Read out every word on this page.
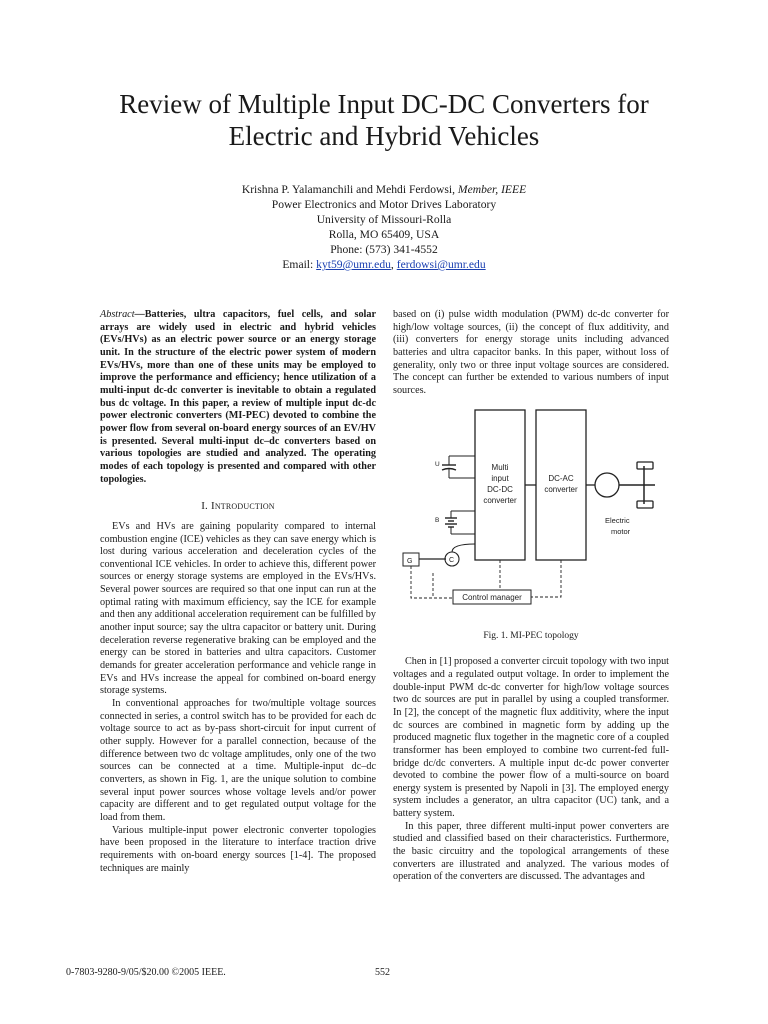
Review of Multiple Input DC-DC Converters for
Electric and Hybrid Vehicles
Krishna P. Yalamanchili and Mehdi Ferdowsi, Member, IEEE
Power Electronics and Motor Drives Laboratory
University of Missouri-Rolla
Rolla, MO 65409, USA
Phone: (573) 341-4552
Email: kyt59@umr.edu, ferdowsi@umr.edu

Abstract—Batteries, ultra capacitors, fuel cells, and solar arrays are widely used in electric and hybrid vehicles (EVs/HVs) as an electric power source or an energy storage unit. In the structure of the electric power system of modern EVs/HVs, more than one of these units may be employed to improve the performance and efficiency; hence utilization of a multi-input dc-dc converter is inevitable to obtain a regulated bus dc voltage. In this paper, a review of multiple input dc-dc power electronic converters (MI-PEC) devoted to combine the power flow from several on-board energy sources of an EV/HV is presented. Several multi-input dc–dc converters based on various topologies are studied and analyzed. The operating modes of each topology is presented and compared with other topologies.

I. Introduction

EVs and HVs are gaining popularity compared to internal combustion engine (ICE) vehicles as they can save energy which is lost during various acceleration and deceleration cycles of the conventional ICE vehicles. In order to achieve this, different power sources or energy storage systems are employed in the EVs/HVs. Several power sources are required so that one input can run at the optimal rating with maximum efficiency, say the ICE for example and then any additional acceleration requirement can be fulfilled by another input source; say the ultra capacitor or battery unit. During deceleration reverse regenerative braking can be employed and the energy can be stored in batteries and ultra capacitors. Customer demands for greater acceleration performance and vehicle range in EVs and HVs increase the appeal for combined on-board energy storage systems.

In conventional approaches for two/multiple voltage sources connected in series, a control switch has to be provided for each dc voltage source to act as by-pass short-circuit for input current of other supply. However for a parallel connection, because of the difference between two dc voltage amplitudes, only one of the two sources can be connected at a time. Multiple-input dc–dc converters, as shown in Fig. 1, are the unique solution to combine several input power sources whose voltage levels and/or power capacity are different and to get regulated output voltage for the load from them.

Various multiple-input power electronic converter topologies have been proposed in the literature to interface traction drive requirements with on-board energy sources [1-4]. The proposed techniques are mainly

based on (i) pulse width modulation (PWM) dc-dc converter for high/low voltage sources, (ii) the concept of flux additivity, and (iii) converters for energy storage units including advanced batteries and ultra capacitor banks. In this paper, without loss of generality, only two or three input voltage sources are considered. The concept can further be extended to various numbers of input sources.

U
B
G	C
Multi
input
DC-DC
converter
DC-AC
converter
Electric
motor
Control manager

Fig. 1. MI-PEC topology

Chen in [1] proposed a converter circuit topology with two input voltages and a regulated output voltage. In order to implement the double-input PWM dc-dc converter for high/low voltage sources two dc sources are put in parallel by using a coupled transformer. In [2], the concept of the magnetic flux additivity, where the input dc sources are combined in magnetic form by adding up the produced magnetic flux together in the magnetic core of a coupled transformer has been employed to combine two current-fed full-bridge dc/dc converters. A multiple input dc-dc power converter devoted to combine the power flow of a multi-source on board energy system is presented by Napoli in [3]. The employed energy system includes a generator, an ultra capacitor (UC) tank, and a battery system.

In this paper, three different multi-input power converters are studied and classified based on their characteristics. Furthermore, the basic circuitry and the topological arrangements of these converters are illustrated and analyzed. The various modes of operation of the converters are discussed. The advantages and

0-7803-9280-9/05/$20.00 ©2005 IEEE.	552
